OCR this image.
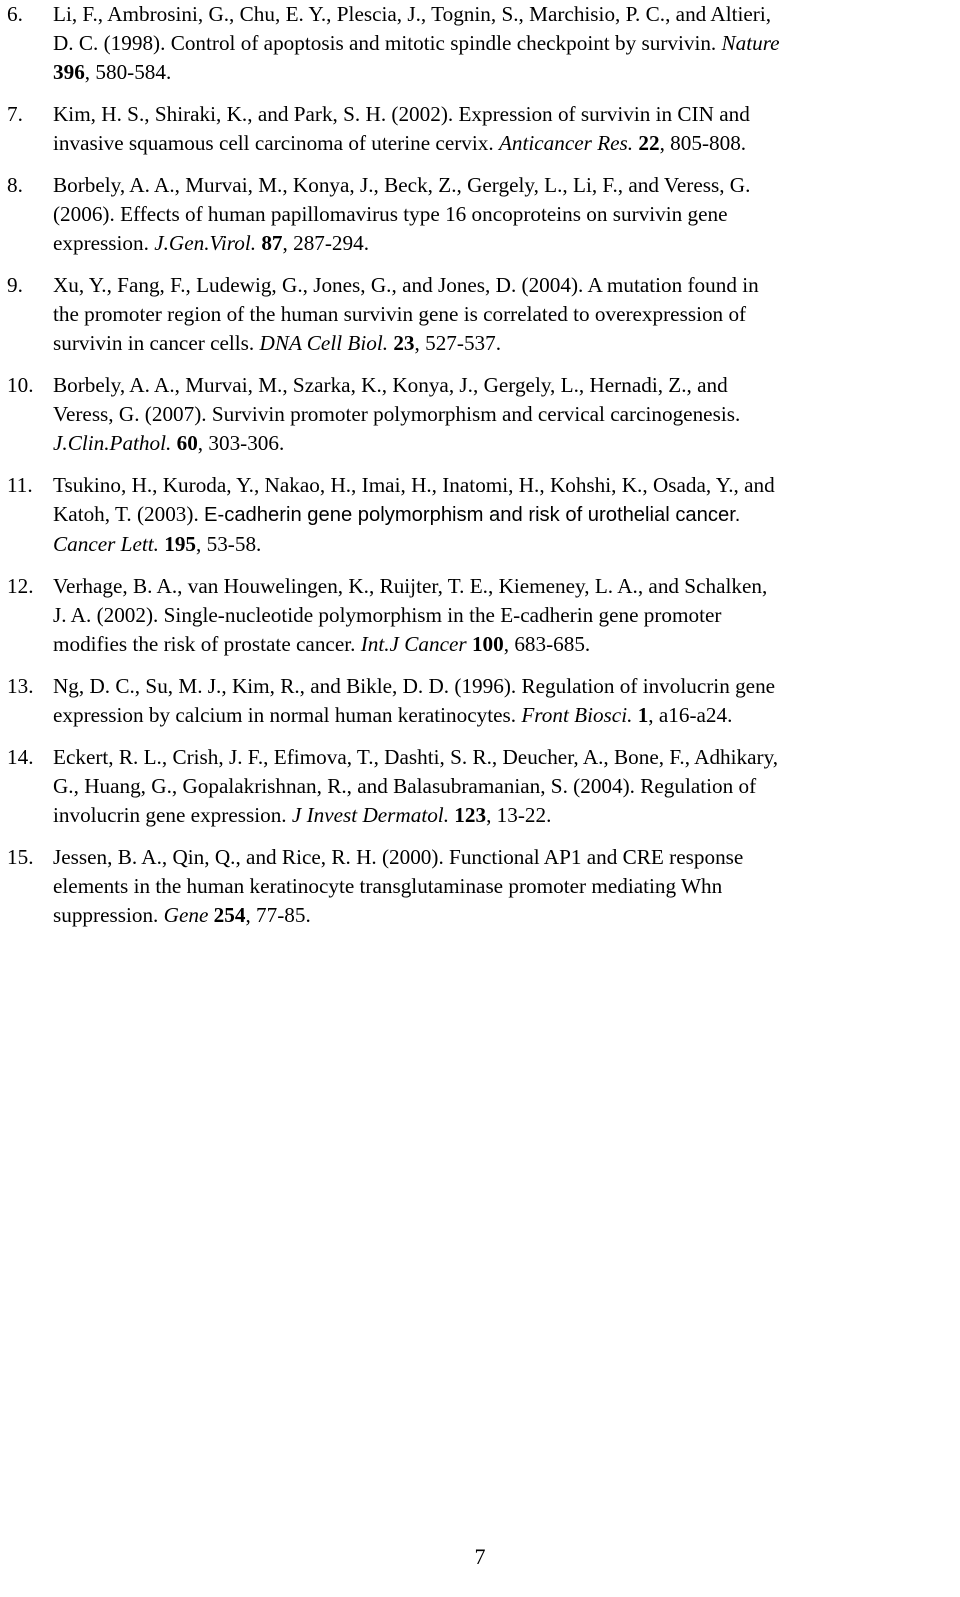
6. Li, F., Ambrosini, G., Chu, E. Y., Plescia, J., Tognin, S., Marchisio, P. C., and Altieri,
D. C. (1998). Control of apoptosis and mitotic spindle checkpoint by survivin. Nature
396, 580-584.
7. Kim, H. S., Shiraki, K., and Park, S. H. (2002). Expression of survivin in CIN and
invasive squamous cell carcinoma of uterine cervix. Anticancer Res. 22, 805-808.
8. Borbely, A. A., Murvai, M., Konya, J., Beck, Z., Gergely, L., Li, F., and Veress, G.
(2006). Effects of human papillomavirus type 16 oncoproteins on survivin gene
expression. J.Gen.Virol. 87, 287-294.
9. Xu, Y., Fang, F., Ludewig, G., Jones, G., and Jones, D. (2004). A mutation found in
the promoter region of the human survivin gene is correlated to overexpression of
survivin in cancer cells. DNA Cell Biol. 23, 527-537.
10. Borbely, A. A., Murvai, M., Szarka, K., Konya, J., Gergely, L., Hernadi, Z., and
Veress, G. (2007). Survivin promoter polymorphism and cervical carcinogenesis.
J.Clin.Pathol. 60, 303-306.
11. Tsukino, H., Kuroda, Y., Nakao, H., Imai, H., Inatomi, H., Kohshi, K., Osada, Y., and
Katoh, T. (2003). E-cadherin gene polymorphism and risk of urothelial cancer.
Cancer Lett. 195, 53-58.
12. Verhage, B. A., van Houwelingen, K., Ruijter, T. E., Kiemeney, L. A., and Schalken,
J. A. (2002). Single-nucleotide polymorphism in the E-cadherin gene promoter
modifies the risk of prostate cancer. Int.J Cancer 100, 683-685.
13. Ng, D. C., Su, M. J., Kim, R., and Bikle, D. D. (1996). Regulation of involucrin gene
expression by calcium in normal human keratinocytes. Front Biosci. 1, a16-a24.
14. Eckert, R. L., Crish, J. F., Efimova, T., Dashti, S. R., Deucher, A., Bone, F., Adhikary,
G., Huang, G., Gopalakrishnan, R., and Balasubramanian, S. (2004). Regulation of
involucrin gene expression. J Invest Dermatol. 123, 13-22.
15. Jessen, B. A., Qin, Q., and Rice, R. H. (2000). Functional AP1 and CRE response
elements in the human keratinocyte transglutaminase promoter mediating Whn
suppression. Gene 254, 77-85.
7
